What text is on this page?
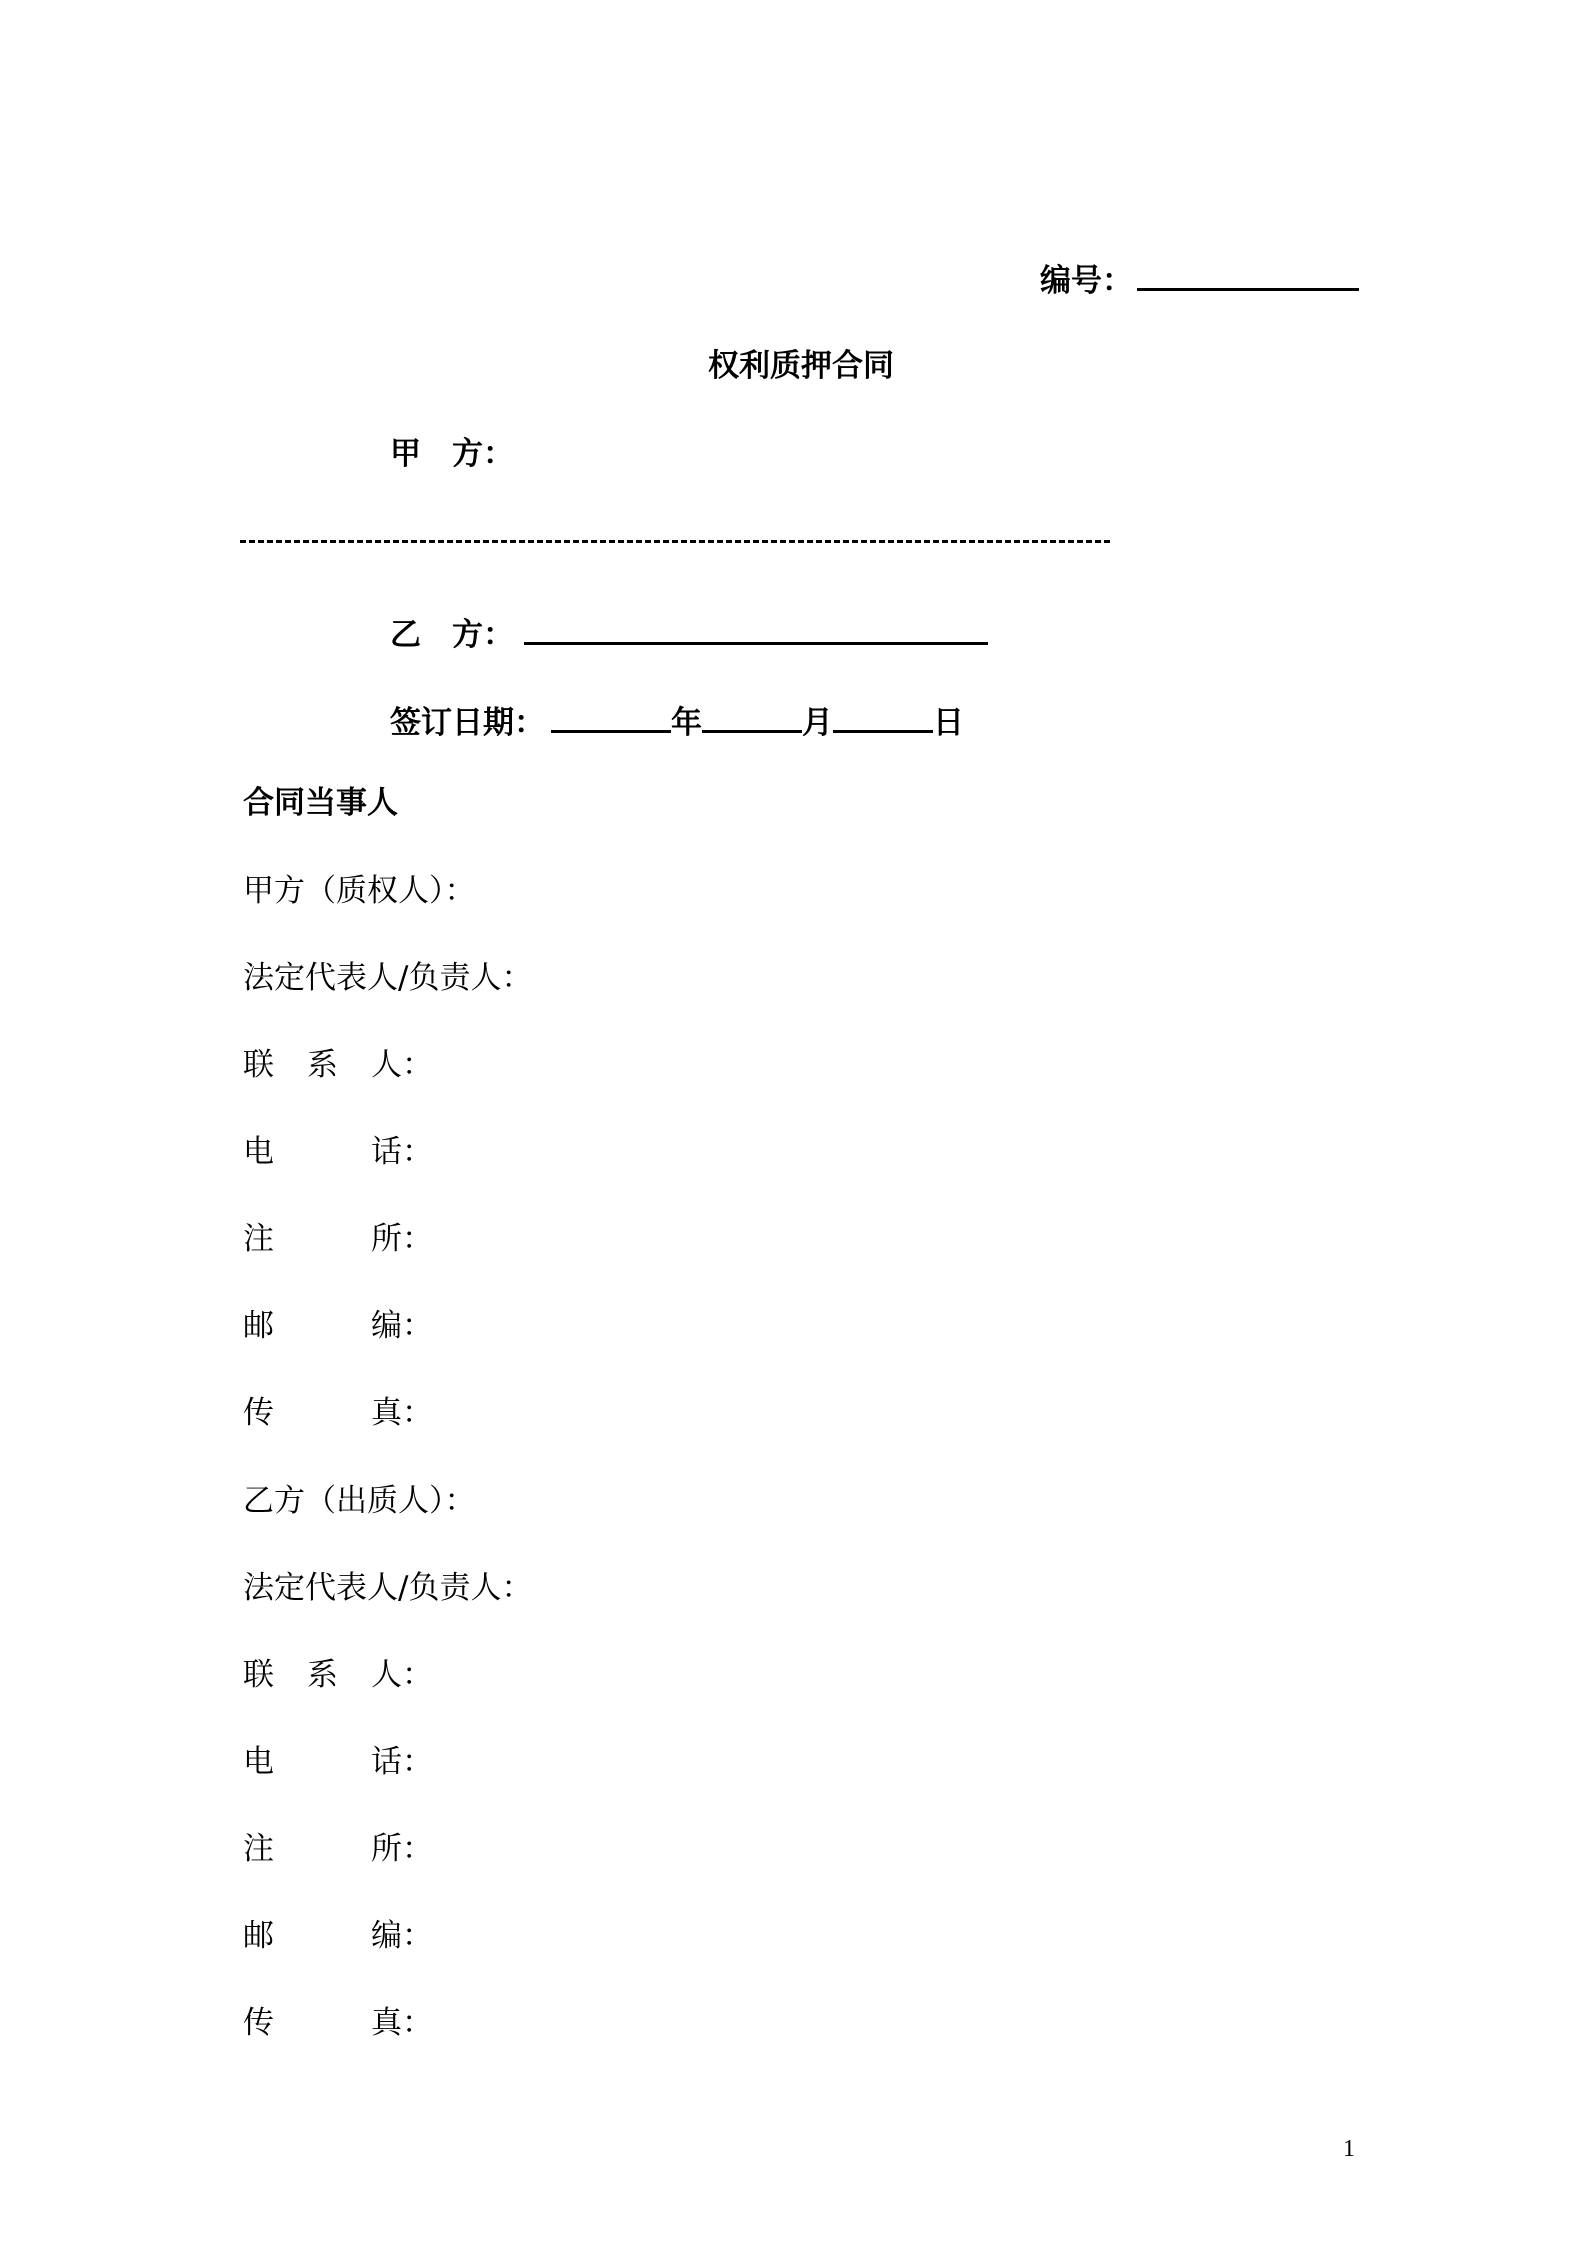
编号：
权利质押合同
甲　方：
乙　方：
签订日期：	年	月	日
合同当事人
甲方（质权人）：
法定代表人/负责人：
联 系 人：
电	话：
注	所：
邮	编：
传	真：
乙方（出质人）：
法定代表人/负责人：
联 系 人：
电	话：
注	所：
邮	编：
传	真：
1
